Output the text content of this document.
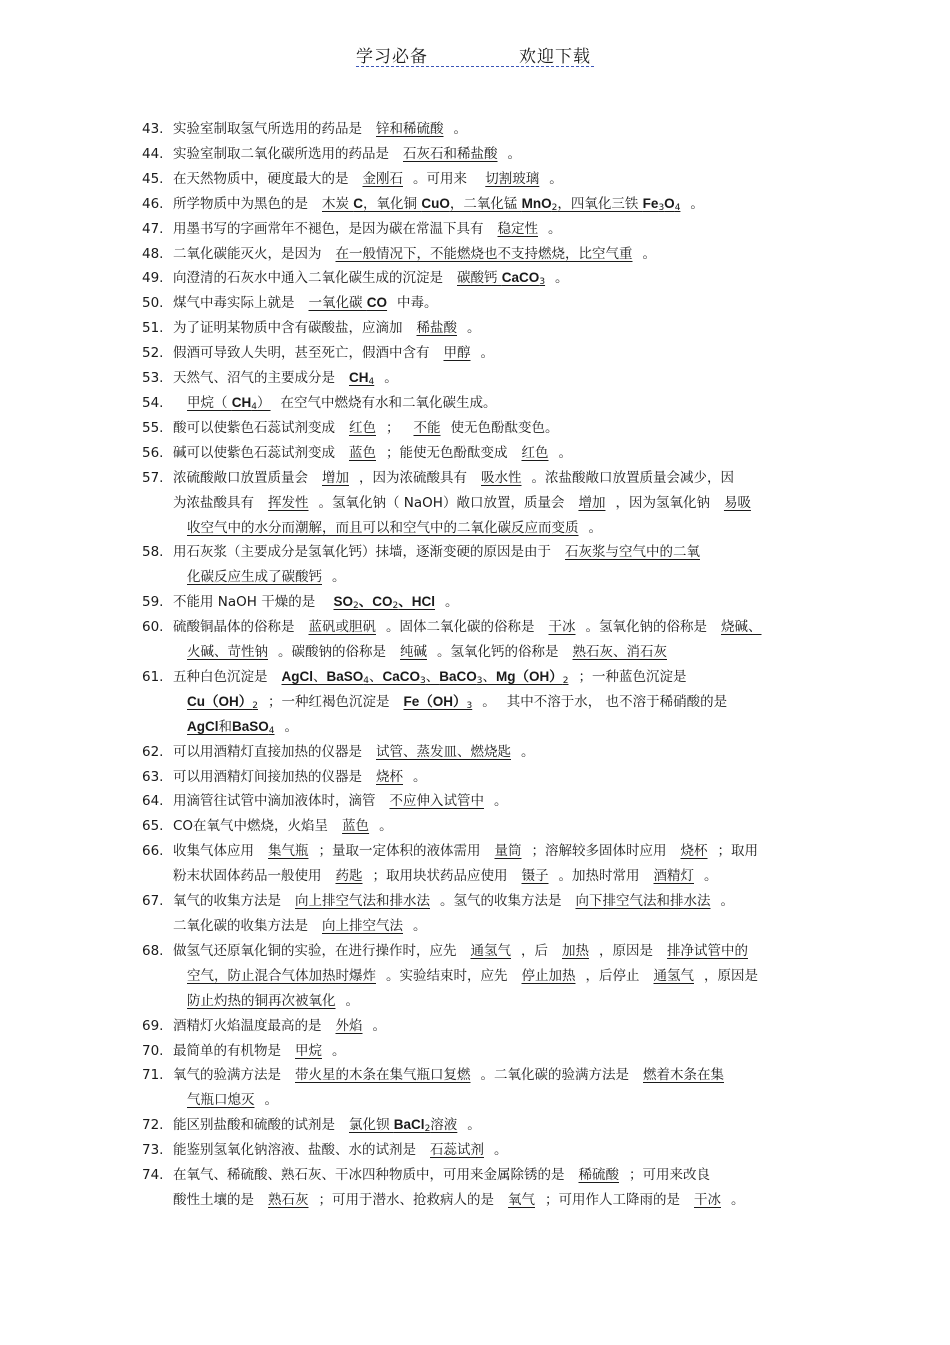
学习必备	欢迎下载
43. 实验室制取氢气所选用的药品是 锌和稀硫酸 。
44. 实验室制取二氧化碳所选用的药品是 石灰石和稀盐酸 。
45. 在天然物质中，硬度最大的是 金刚石 。可用来 切割玻璃 。
46. 所学物质中为黑色的是 木炭 C，氧化铜 CuO，二氧化锰 MnO$_2$，四氧化三铁 $Fe_3O_4$ 。
47. 用墨书写的字画常年不褪色，是因为碳在常温下具有 稳定性 。
48. 二氧化碳能灭火，是因为 在一般情况下，不能燃烧也不支持燃烧，比空气重 。
49. 向澄清的石灰水中通入二氧化碳生成的沉淀是 碳酸钙 CaCO$_3$ 。
50. 煤气中毒实际上就是 一氧化碳 CO 中毒。
51. 为了证明某物质中含有碳酸盐，应滴加 稀盐酸 。
52. 假酒可导致人失明，甚至死亡，假酒中含有 甲醇 。
53. 天然气、沼气的主要成分是 $CH_4$ 。
54.	甲烷（ $CH_4$） 在空气中燃烧有水和二氧化碳生成。
55. 酸可以使紫色石蕊试剂变成 红色 ； 不能 使无色酚酞变色。
56. 碱可以使紫色石蕊试剂变成 蓝色 ；能使无色酚酞变成 红色 。
57. 浓硫酸敞口放置质量会 增加 ，因为浓硫酸具有 吸水性 。浓盐酸敞口放置质量会减少，因
为浓盐酸具有 挥发性 。氢氧化钠（ NaOH）敞口放置，质量会 增加 ，因为氢氧化钠 易吸
收空气中的水分而潮解，而且可以和空气中的二氧化碳反应而变质 。
58. 用石灰浆（主要成分是氢氧化钙）抹墙，逐渐变硬的原因是由于 石灰浆与空气中的二氧
化碳反应生成了碳酸钙 。
59. 不能用 NaOH 干燥的是 $SO_2$、$CO_2$、HCl 。
60. 硫酸铜晶体的俗称是 蓝矾或胆矾 。固体二氧化碳的俗称是 干冰 。氢氧化钠的俗称是 烧碱、
火碱、苛性钠 。碳酸钠的俗称是 纯碱 。氢氧化钙的俗称是 熟石灰、消石灰
61. 五种白色沉淀是 AgCl、BaSO$_4$、CaCO$_3$、BaCO$_3$、$Mg(OH)_2$ ；一种蓝色沉淀是
$Cu(OH)_2$ ；一种红褐色沉淀是 $Fe(OH)_3$ 。　 其中不溶于水， 也不溶于稀硝酸的是
AgCl和BaSO$_4$ 。
62. 可以用酒精灯直接加热的仪器是 试管、蒸发皿、燃烧匙 。
63. 可以用酒精灯间接加热的仪器是 烧杯 。
64. 用滴管往试管中滴加液体时，滴管 不应伸入试管中 。
65. CO在氧气中燃烧，火焰呈 蓝色 。
66. 收集气体应用 集气瓶 ；量取一定体积的液体需用 量筒 ；溶解较多固体时应用 烧杯 ；取用
粉末状固体药品一般使用 药匙 ；取用块状药品应使用 镊子 。加热时常用 酒精灯 。
67. 氧气的收集方法是 向上排空气法和排水法 。氢气的收集方法是 向下排空气法和排水法 。
二氧化碳的收集方法是 向上排空气法 。
68. 做氢气还原氧化铜的实验，在进行操作时，应先 通氢气 ，后 加热 ，原因是 排净试管中的
空气，防止混合气体加热时爆炸 。实验结束时，应先 停止加热 ，后停止 通氢气 ，原因是
防止灼热的铜再次被氧化 。
69. 酒精灯火焰温度最高的是 外焰 。
70. 最简单的有机物是 甲烷 。
71. 氧气的验满方法是 带火星的木条在集气瓶口复燃 。二氧化碳的验满方法是 燃着木条在集
气瓶口熄灭 。
72. 能区别盐酸和硫酸的试剂是 氯化钡 BaCl$_2$溶液 。
73. 能鉴别氢氧化钠溶液、盐酸、水的试剂是 石蕊试剂 。
74. 在氧气、稀硫酸、熟石灰、干冰四种物质中，可用来金属除锈的是 稀硫酸 ；可用来改良
酸性土壤的是 熟石灰 ；可用于潜水、抢救病人的是 氧气 ；可用作人工降雨的是 干冰 。
